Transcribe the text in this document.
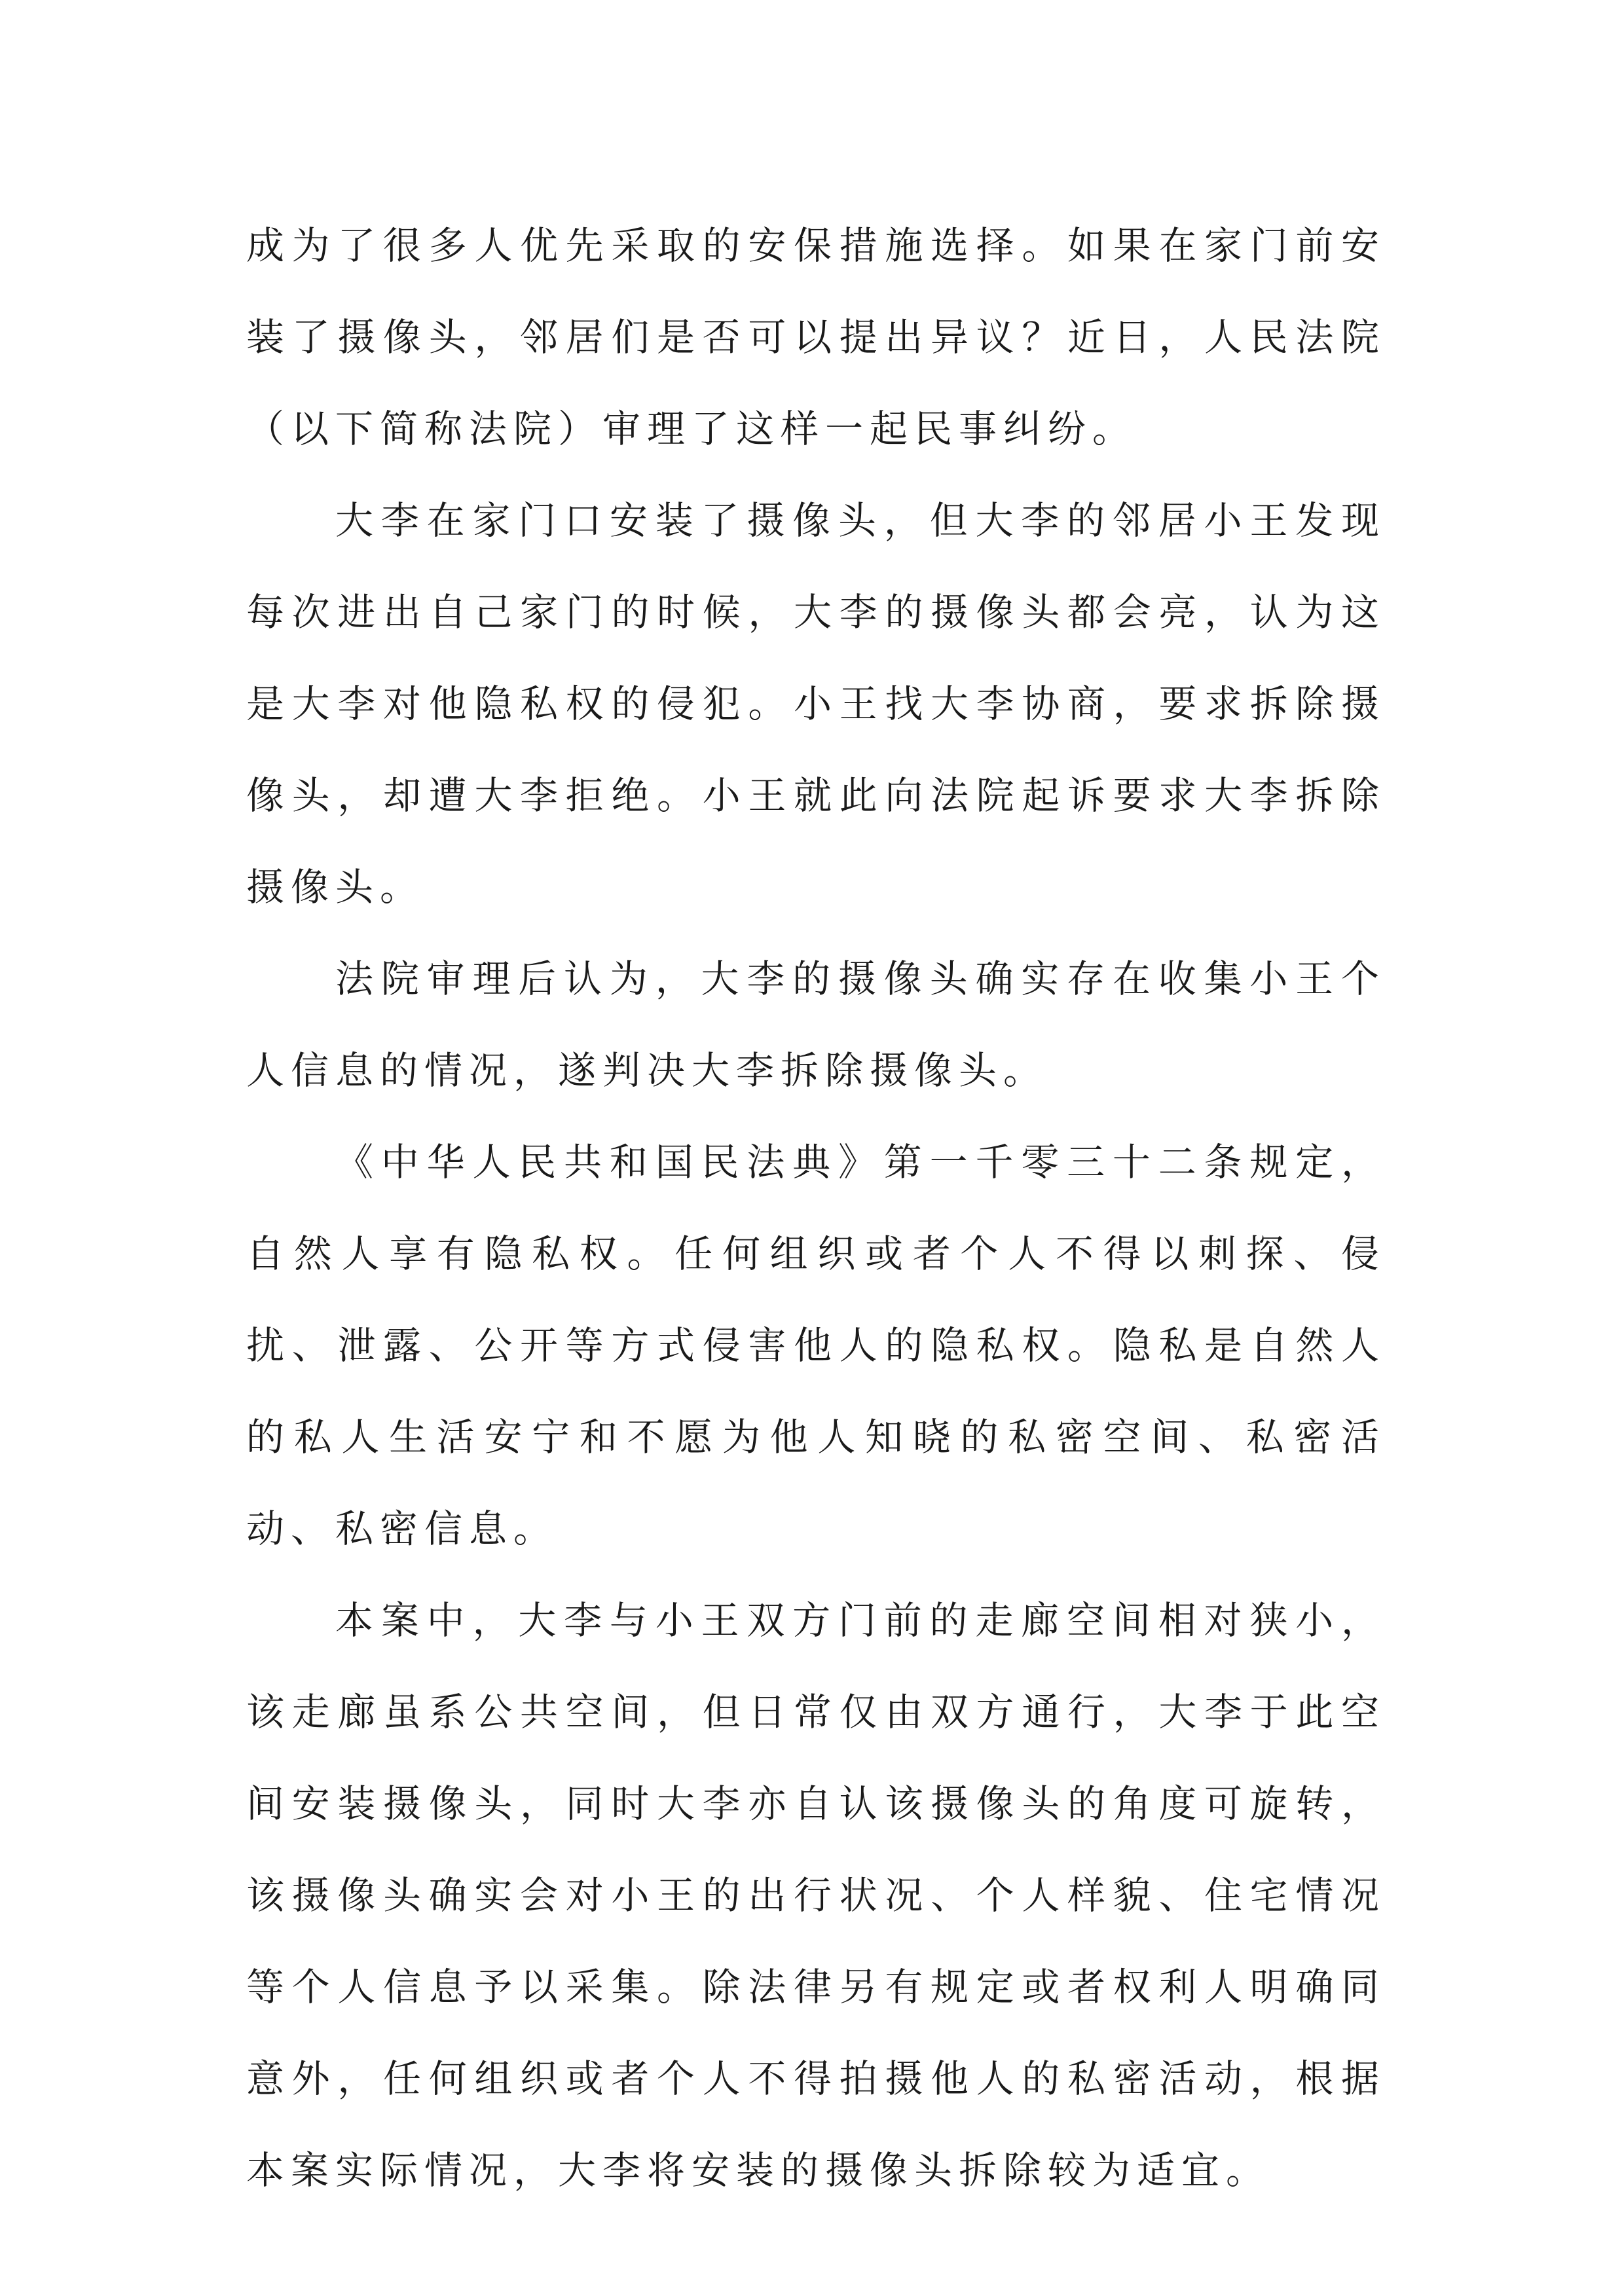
成为了很多人优先采取的安保措施选择。如果在家门前安装了摄像头，邻居们是否可以提出异议？近日，人民法院（以下简称法院）审理了这样一起民事纠纷。

大李在家门口安装了摄像头，但大李的邻居小王发现每次进出自己家门的时候，大李的摄像头都会亮，认为这是大李对他隐私权的侵犯。小王找大李协商，要求拆除摄像头，却遭大李拒绝。小王就此向法院起诉要求大李拆除摄像头。

法院审理后认为，大李的摄像头确实存在收集小王个人信息的情况，遂判决大李拆除摄像头。

《中华人民共和国民法典》第一千零三十二条规定，自然人享有隐私权。任何组织或者个人不得以刺探、侵扰、泄露、公开等方式侵害他人的隐私权。隐私是自然人的私人生活安宁和不愿为他人知晓的私密空间、私密活动、私密信息。

本案中，大李与小王双方门前的走廊空间相对狭小，该走廊虽系公共空间，但日常仅由双方通行，大李于此空间安装摄像头，同时大李亦自认该摄像头的角度可旋转，该摄像头确实会对小王的出行状况、个人样貌、住宅情况等个人信息予以采集。除法律另有规定或者权利人明确同意外，任何组织或者个人不得拍摄他人的私密活动，根据本案实际情况，大李将安装的摄像头拆除较为适宜。
